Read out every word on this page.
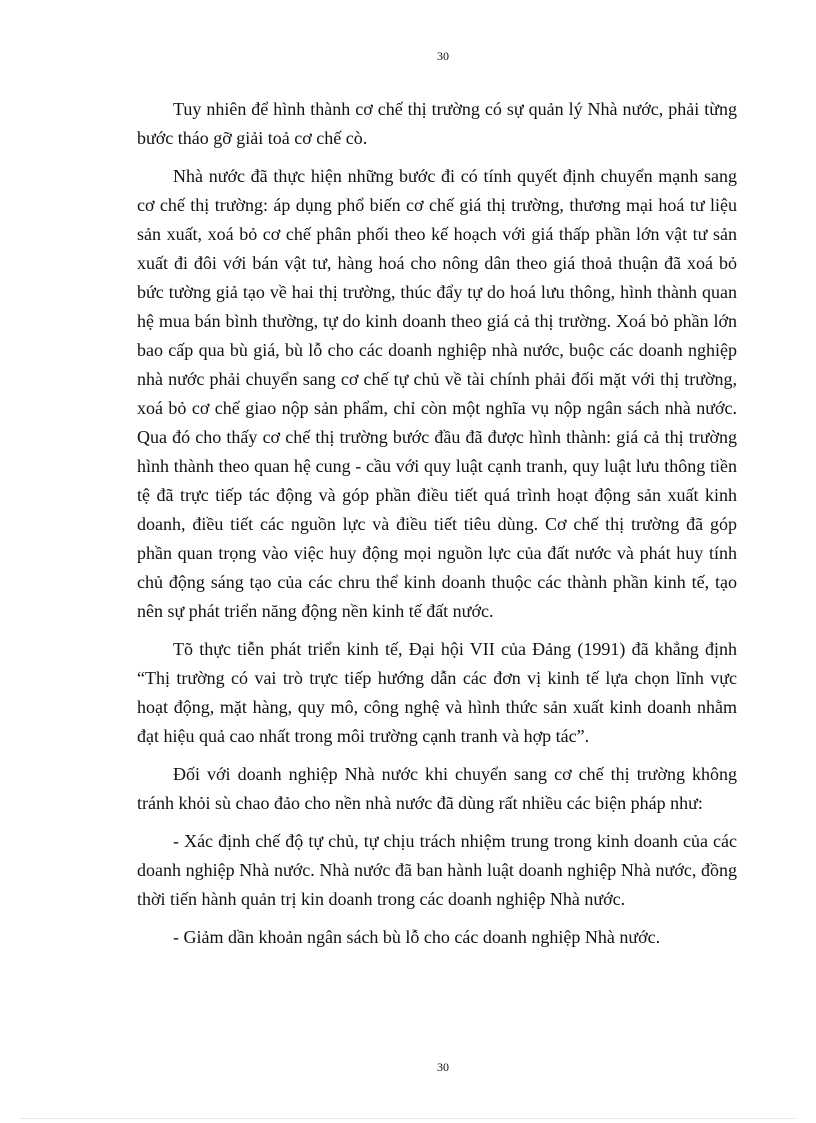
30

Tuy nhiên để hình thành cơ chế thị trường có sự quản lý Nhà nước, phải từng bước tháo gỡ giải toả cơ chế cò.

Nhà nước đã thực hiện những bước đi có tính quyết định chuyển mạnh sang cơ chế thị trường: áp dụng phổ biến cơ chế giá thị trường, thương mại hoá tư liệu sản xuất, xoá bỏ cơ chế phân phối theo kế hoạch với giá thấp phần lớn vật tư sản xuất đi đôi với bán vật tư, hàng hoá cho nông dân theo giá thoả thuận đã xoá bỏ bức tường giả tạo về hai thị trường, thúc đẩy tự do hoá lưu thông, hình thành quan hệ mua bán bình thường, tự do kinh doanh theo giá cả thị trường. Xoá bỏ phần lớn bao cấp qua bù giá, bù lỗ cho các doanh nghiệp nhà nước, buộc các doanh nghiệp nhà nước phải chuyển sang cơ chế tự chủ về tài chính phải đối mặt với thị trường, xoá bỏ cơ chế giao nộp sản phẩm, chỉ còn một nghĩa vụ nộp ngân sách nhà nước. Qua đó cho thấy cơ chế thị trường bước đầu đã được hình thành: giá cả thị trường hình thành theo quan hệ cung - cầu với quy luật cạnh tranh, quy luật lưu thông tiền tệ đã trực tiếp tác động và góp phần điều tiết quá trình hoạt động sản xuất kinh doanh, điều tiết các nguồn lực và điều tiết tiêu dùng. Cơ chế thị trường đã góp phần quan trọng vào việc huy động mọi nguồn lực của đất nước và phát huy tính chủ động sáng tạo của các chru thể kinh doanh thuộc các thành phần kinh tế, tạo nên sự phát triển năng động nền kinh tế đất nước.

Tõ thực tiễn phát triển kinh tế, Đại hội VII của Đảng (1991) đã khẳng định “Thị trường có vai trò trực tiếp hướng dẫn các đơn vị kinh tế lựa chọn lĩnh vực hoạt động, mặt hàng, quy mô, công nghệ và hình thức sản xuất kinh doanh nhằm đạt hiệu quả cao nhất trong môi trường cạnh tranh và hợp tác”.

Đối với doanh nghiệp Nhà nước khi chuyển sang cơ chế thị trường không tránh khỏi sù chao đảo cho nền nhà nước đã dùng rất nhiều các biện pháp như:

- Xác định chế độ tự chủ, tự chịu trách nhiệm trung trong kinh doanh của các doanh nghiệp Nhà nước. Nhà nước đã ban hành luật doanh nghiệp Nhà nước, đồng thời tiến hành quản trị kin doanh trong các doanh nghiệp Nhà nước.

- Giảm dần khoản ngân sách bù lỗ cho các doanh nghiệp Nhà nước.

30
